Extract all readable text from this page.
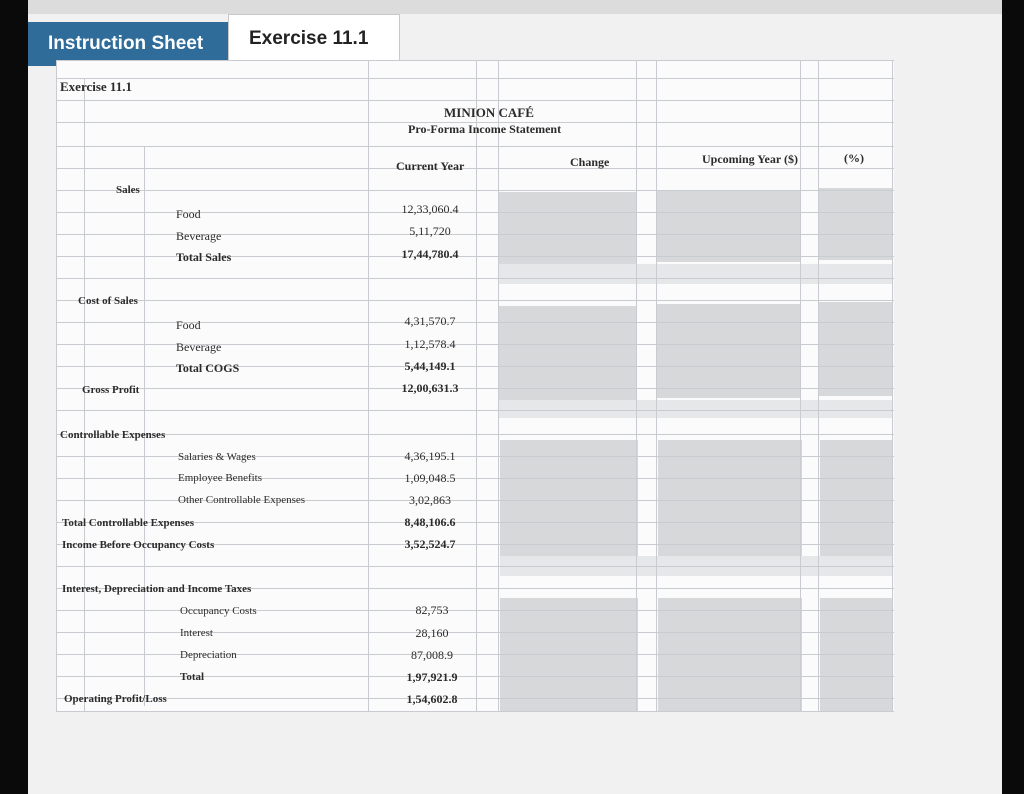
Instruction Sheet	Exercise 11.1
Exercise 11.1
MINION CAFÉ
Pro-Forma Income Statement
Current Year	Change	Upcoming Year ($)	(%)
Sales
Food	12,33,060.4
Beverage	5,11,720
Total Sales	17,44,780.4
Cost of Sales
Food	4,31,570.7
Beverage	1,12,578.4
Total COGS	5,44,149.1
Gross Profit	12,00,631.3
Controllable Expenses
Salaries & Wages	4,36,195.1
Employee Benefits	1,09,048.5
Other Controllable Expenses	3,02,863
Total Controllable Expenses	8,48,106.6
Income Before Occupancy Costs	3,52,524.7
Interest, Depreciation and Income Taxes
Occupancy Costs	82,753
Interest	28,160
Depreciation	87,008.9
Total	1,97,921.9
Operating Profit/Loss	1,54,602.8
